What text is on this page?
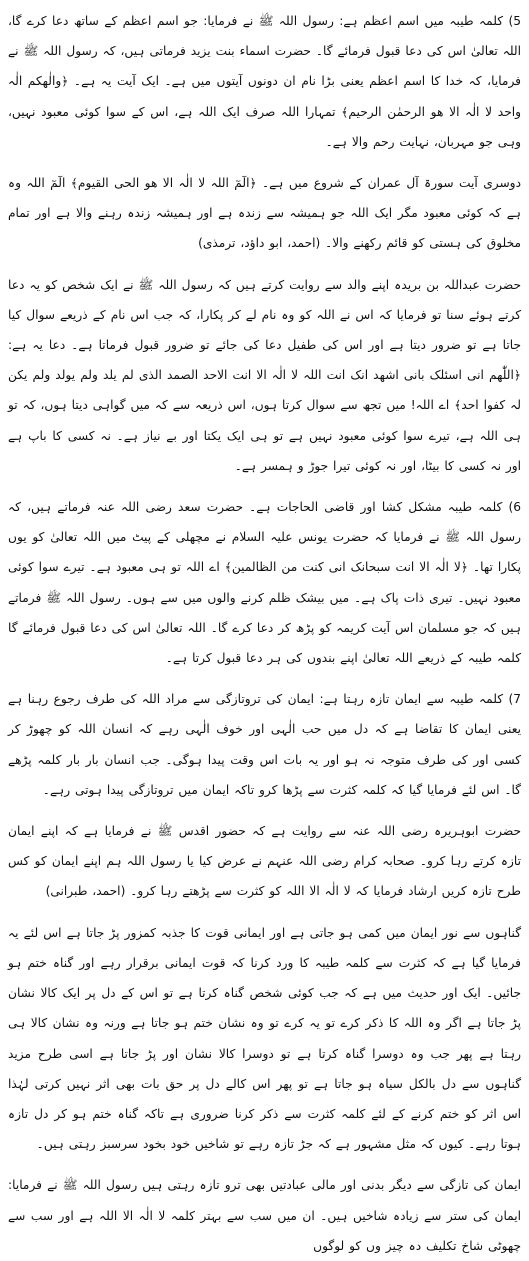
5) کلمہ طیبہ میں اسم اعظم ہے: رسول اللہ ﷺ نے فرمایا: جو اسم اعظم کے ساتھ دعا کرے گا، اللہ تعالیٰ اس کی دعا قبول فرمائے گا۔ حضرت اسماء بنت یزید فرماتی ہیں، کہ رسول اللہ ﷺ نے فرمایا، کہ خدا کا اسم اعظم یعنی بڑا نام ان دونوں آیتوں میں ہے۔ ایک آیت یہ ہے۔ ﴿والٰھکم الٰہ واحد لا الٰہ الا ھو الرحمٰن الرحیم﴾ تمہارا اللہ صرف ایک اللہ ہے، اس کے سوا کوئی معبود نہیں، وہی جو مہربان، نہایت رحم والا ہے۔

دوسری آیت سورۃ آل عمران کے شروع میں ہے۔ ﴿الٓمٓ اللہ لا الٰہ الا ھو الحی القیوم﴾ الٓمٓ اللہ وہ ہے کہ کوئی معبود مگر ایک اللہ جو ہمیشہ سے زندہ ہے اور ہمیشہ زندہ رہنے والا ہے اور تمام مخلوق کی ہستی کو قائم رکھنے والا۔ (احمد، ابو داؤد، ترمذی)

حضرت عبداللہ بن بریدہ اپنے والد سے روایت کرتے ہیں کہ رسول اللہ ﷺ نے ایک شخص کو یہ دعا کرتے ہوئے سنا تو فرمایا کہ اس نے اللہ کو وہ نام لے کر پکارا، کہ جب اس نام کے ذریعے سوال کیا جاتا ہے تو ضرور دیتا ہے اور اس کی طفیل دعا کی جائے تو ضرور قبول فرماتا ہے۔ دعا یہ ہے: ﴿اللّٰھم انی اسئلک بانی اشھد انک انت اللہ لا الٰہ الا انت الاحد الصمد الذی لم یلد ولم یولد ولم یکن لہ کفوا احد﴾ اے اللہ! میں تجھ سے سوال کرتا ہوں، اس ذریعہ سے کہ میں گواہی دیتا ہوں، کہ تو ہی اللہ ہے، تیرے سوا کوئی معبود نہیں ہے تو ہی ایک یکتا اور بے نیاز ہے۔ نہ کسی کا باپ ہے اور نہ کسی کا بیٹا، اور نہ کوئی تیرا جوڑ و ہمسر ہے۔

6) کلمہ طیبہ مشکل کشا اور قاضی الحاجات ہے۔ حضرت سعد رضی اللہ عنہ فرماتے ہیں، کہ رسول اللہ ﷺ نے فرمایا کہ حضرت یونس علیہ السلام نے مچھلی کے پیٹ میں اللہ تعالیٰ کو یوں پکارا تھا۔ ﴿لا الٰہ الا انت سبحانک انی کنت من الظالمین﴾ اے اللہ تو ہی معبود ہے۔ تیرے سوا کوئی معبود نہیں۔ تیری ذات پاک ہے۔ میں بیشک ظلم کرنے والوں میں سے ہوں۔ رسول اللہ ﷺ فرماتے ہیں کہ جو مسلمان اس آیت کریمہ کو پڑھ کر دعا کرے گا۔ اللہ تعالیٰ اس کی دعا قبول فرمائے گا کلمہ طیبہ کے ذریعے اللہ تعالیٰ اپنے بندوں کی ہر دعا قبول کرتا ہے۔

7) کلمہ طیبہ سے ایمان تازہ رہتا ہے: ایمان کی تروتازگی سے مراد اللہ کی طرف رجوع رہنا ہے یعنی ایمان کا تقاضا ہے کہ دل میں حب الٰہی اور خوف الٰہی رہے کہ انسان اللہ کو چھوڑ کر کسی اور کی طرف متوجہ نہ ہو اور یہ بات اس وقت پیدا ہوگی۔ جب انسان بار بار کلمہ پڑھے گا۔ اس لئے فرمایا گیا کہ کلمہ کثرت سے پڑھا کرو تاکہ ایمان میں تروتازگی پیدا ہوتی رہے۔

حضرت ابوہریرہ رضی اللہ عنہ سے روایت ہے کہ حضور اقدس ﷺ نے فرمایا ہے کہ اپنے ایمان تازہ کرتے رہا کرو۔ صحابہ کرام رضی اللہ عنہم نے عرض کیا یا رسول اللہ ہم اپنے ایمان کو کس طرح تازہ کریں ارشاد فرمایا کہ لا الٰہ الا اللہ کو کثرت سے پڑھتے رہا کرو۔ (احمد، طبرانی)

گناہوں سے نور ایمان میں کمی ہو جاتی ہے اور ایمانی قوت کا جذبہ کمزور پڑ جاتا ہے اس لئے یہ فرمایا گیا ہے کہ کثرت سے کلمہ طیبہ کا ورد کرنا کہ قوت ایمانی برقرار رہے اور گناہ ختم ہو جائیں۔ ایک اور حدیث میں ہے کہ جب کوئی شخص گناہ کرتا ہے تو اس کے دل پر ایک کالا نشان پڑ جاتا ہے اگر وہ اللہ کا ذکر کرے تو یہ کرے تو وہ نشان ختم ہو جاتا ہے ورنہ وہ نشان کالا ہی رہتا ہے پھر جب وہ دوسرا گناہ کرتا ہے تو دوسرا کالا نشان اور پڑ جاتا ہے اسی طرح مزید گناہوں سے دل بالکل سیاہ ہو جاتا ہے تو پھر اس کالے دل پر حق بات بھی اثر نہیں کرتی لہٰذا اس اثر کو ختم کرنے کے لئے کلمہ کثرت سے ذکر کرنا ضروری ہے تاکہ گناہ ختم ہو کر دل تازہ ہوتا رہے۔ کیوں کہ مثل مشہور ہے کہ جڑ تازہ رہے تو شاخیں خود بخود سرسبز رہتی ہیں۔

ایمان کی تازگی سے دیگر بدنی اور مالی عبادتیں بھی ترو تازہ رہتی ہیں رسول اللہ ﷺ نے فرمایا: ایمان کی ستر سے زیادہ شاخیں ہیں۔ ان میں سب سے بہتر کلمہ لا الٰہ الا اللہ ہے اور سب سے چھوٹی شاخ تکلیف دہ چیز وں کو لوگوں
